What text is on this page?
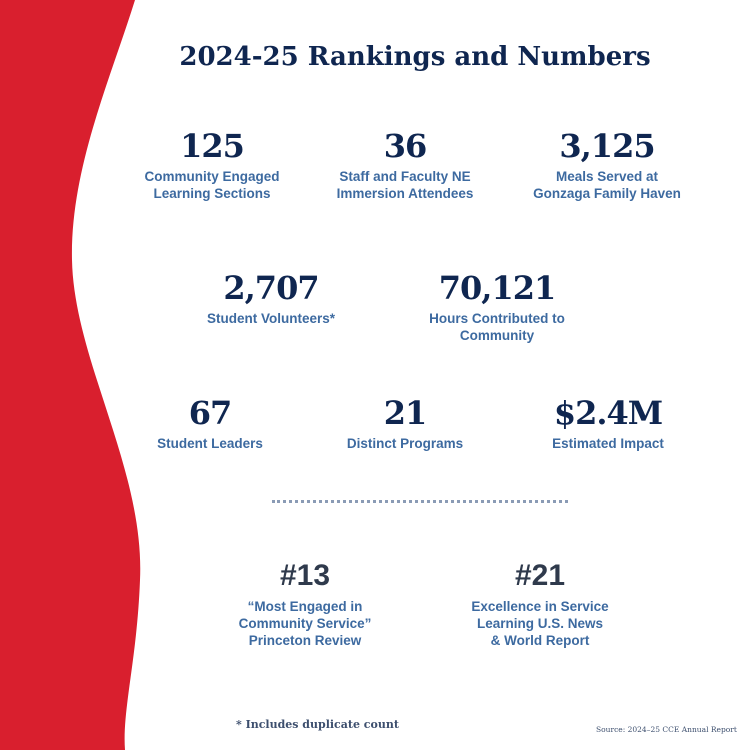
2024-25 Rankings and Numbers
125
Community Engaged
Learning Sections
36
Staff and Faculty NE
Immersion Attendees
3,125
Meals Served at
Gonzaga Family Haven
2,707
Student Volunteers*
70,121
Hours Contributed to
Community
67
Student Leaders
21
Distinct Programs
$2.4M
Estimated Impact
#13
“Most Engaged in
Community Service”
Princeton Review
#21
Excellence in Service
Learning U.S. News
& World Report
* Includes duplicate count	Source: 2024–25 CCE Annual Report
